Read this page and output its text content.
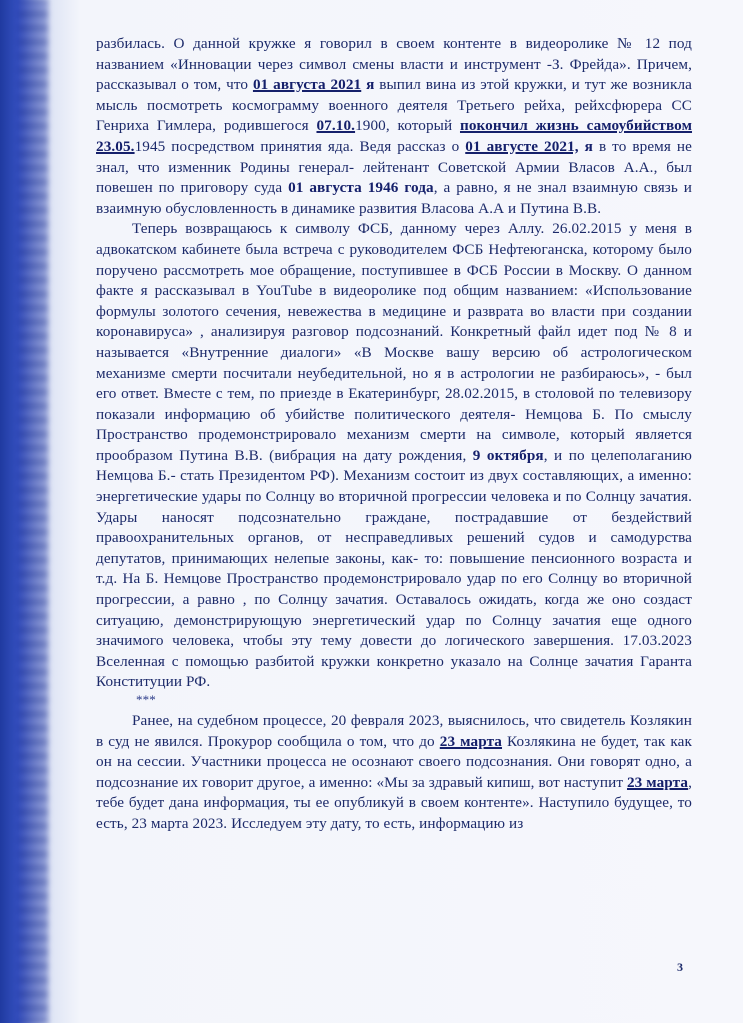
разбилась. О данной кружке я говорил в своем контенте в видеоролике № 12 под названием «Инновации через символ смены власти и инструмент -З. Фрейда». Причем, рассказывал о том, что 01 августа 2021 я выпил вина из этой кружки, и тут же возникла мысль посмотреть космограмму военного деятеля Третьего рейха, рейхсфюрера СС Генриха Гимлера, родившегося 07.10.1900, который покончил жизнь самоубийством 23.05.1945 посредством принятия яда. Ведя рассказ о 01 августе 2021, я в то время не знал, что изменник Родины генерал- лейтенант Советской Армии Власов А.А., был повешен по приговору суда 01 августа 1946 года, а равно, я не знал взаимную связь и взаимную обусловленность в динамике развития Власова А.А и Путина В.В.

Теперь возвращаюсь к символу ФСБ, данному через Аллу. 26.02.2015 у меня в адвокатском кабинете была встреча с руководителем ФСБ Нефтеюганска, которому было поручено рассмотреть мое обращение, поступившее в ФСБ России в Москву. О данном факте я рассказывал в YouTube в видеоролике под общим названием: «Использование формулы золотого сечения, невежества в медицине и разврата во власти при создании коронавируса» , анализируя разговор подсознаний. Конкретный файл идет под № 8 и называется «Внутренние диалоги» «В Москве вашу версию об астрологическом механизме смерти посчитали неубедительной, но я в астрологии не разбираюсь», - был его ответ. Вместе с тем, по приезде в Екатеринбург, 28.02.2015, в столовой по телевизору показали информацию об убийстве политического деятеля- Немцова Б. По смыслу Пространство продемонстрировало механизм смерти на символе, который является прообразом Путина В.В. (вибрация на дату рождения, 9 октября, и по целеполаганию Немцова Б.- стать Президентом РФ). Механизм состоит из двух составляющих, а именно: энергетические удары по Солнцу во вторичной прогрессии человека и по Солнцу зачатия. Удары наносят подсознательно граждане, пострадавшие от бездействий правоохранительных органов, от несправедливых решений судов и самодурства депутатов, принимающих нелепые законы, как- то: повышение пенсионного возраста и т.д. На Б. Немцове Пространство продемонстрировало удар по его Солнцу во вторичной прогрессии, а равно , по Солнцу зачатия. Оставалось ожидать, когда же оно создаст ситуацию, демонстрирующую энергетический удар по Солнцу зачатия еще одного значимого человека, чтобы эту тему довести до логического завершения. 17.03.2023 Вселенная с помощью разбитой кружки конкретно указало на Солнце зачатия Гаранта Конституции РФ.

***

Ранее, на судебном процессе, 20 февраля 2023, выяснилось, что свидетель Козлякин в суд не явился. Прокурор сообщила о том, что до 23 марта Козлякина не будет, так как он на сессии. Участники процесса не осознают своего подсознания. Они говорят одно, а подсознание их говорит другое, а именно: «Мы за здравый кипиш, вот наступит 23 марта, тебе будет дана информация, ты ее опубликуй в своем контенте». Наступило будущее, то есть, 23 марта 2023. Исследуем эту дату, то есть, информацию из

3
